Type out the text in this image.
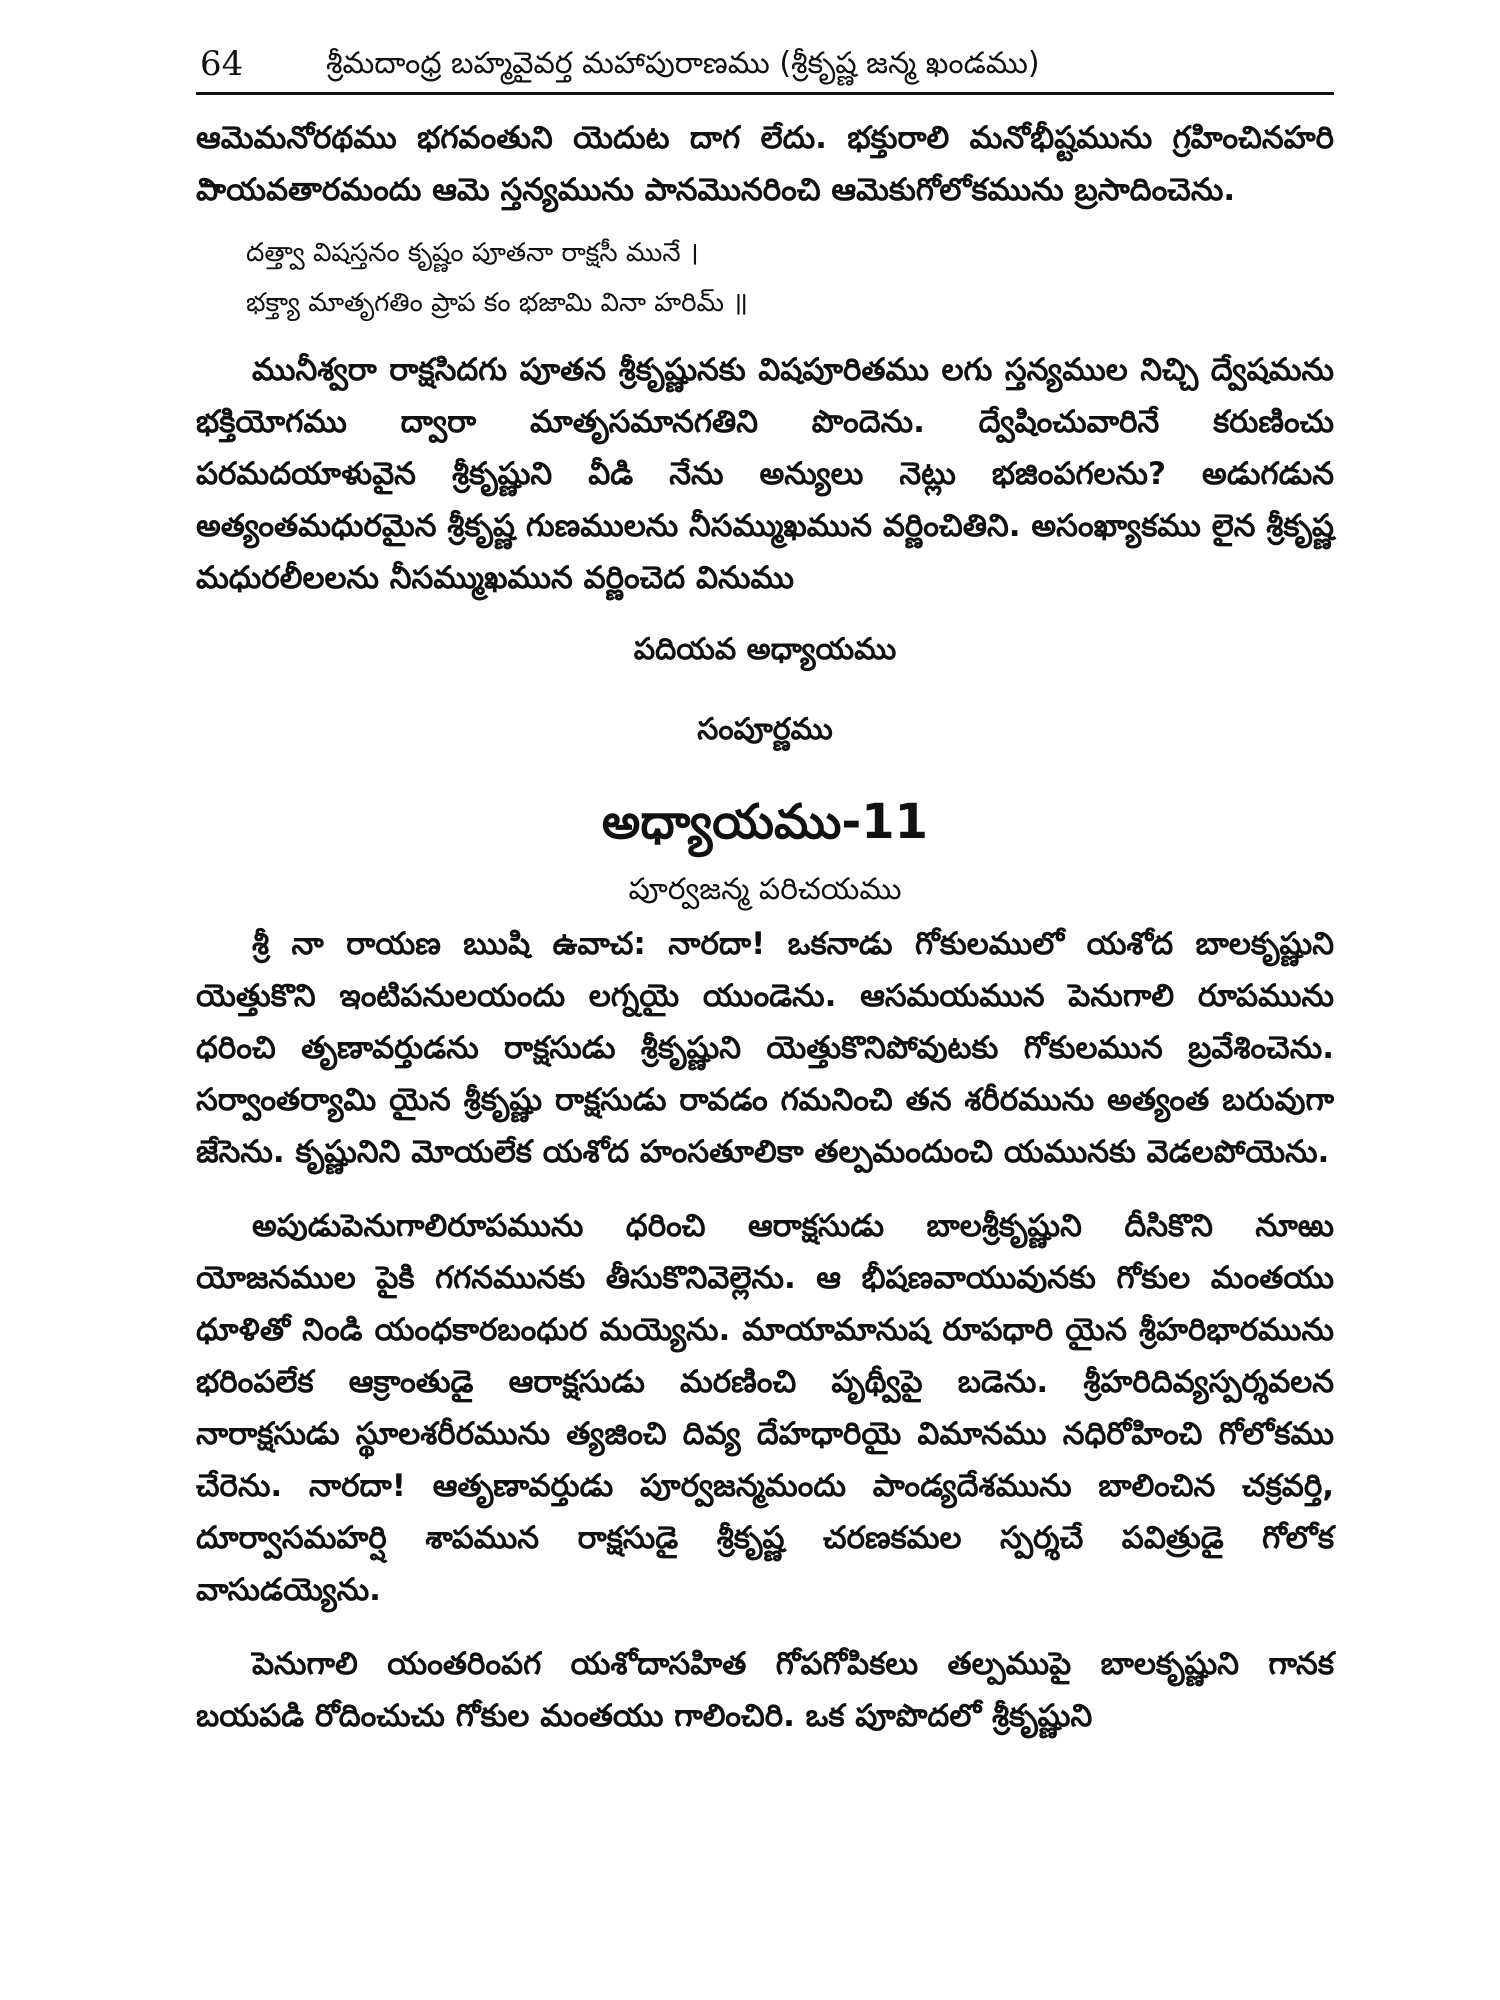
64	శ్రీమదాంధ్ర బహ్మవైవర్త మహాపురాణము (శ్రీకృష్ణ జన్మ ఖండము)

ఆమెమనోరథము భగవంతుని యెదుట దాగ లేదు. భక్తురాలి మనోభీష్టమును గ్రహించినహరి విాయవతారమందు ఆమె స్తన్యమును పానమొనరించి ఆమెకుగోలోకమును బ్రసాదించెను.

దత్త్వా విషస్తనం కృష్ణం పూతనా రాక్షసీ మునే ।
భక్త్యా మాతృగతిం ప్రాప కం భజామి వినా హరిమ్ ॥

మునీశ్వరా రాక్షసిదగు పూతన శ్రీకృష్ణునకు విషపూరితము లగు స్తన్యముల నిచ్చి ద్వేషమను భక్తియోగము ద్వారా మాతృసమానగతిని పొందెను. ద్వేషించువారినే కరుణించు పరమదయాళువైన శ్రీకృష్ణుని వీడి నేను అన్యులు నెట్లు భజింపగలను? అడుగడున అత్యంతమధురమైన శ్రీకృష్ణ గుణములను నీసమ్ముఖమున వర్ణించితిని. అసంఖ్యాకము లైన శ్రీకృష్ణ మధురలీలలను నీసమ్ముఖమున వర్ణించెద వినుము

పదియవ అధ్యాయము
సంపూర్ణము
అధ్యాయము-11
పూర్వజన్మ పరిచయము

శ్రీ నా రాయణ ఋషి ఉవాచ: నారదా! ఒకనాడు గోకులములో యశోద బాలకృష్ణుని యెత్తుకొని ఇంటిపనులయందు లగ్నయై యుండెను. ఆసమయమున పెనుగాలి రూపమును ధరించి తృణావర్తుడను రాక్షసుడు శ్రీకృష్ణుని యెత్తుకొనిపోవుటకు గోకులమున బ్రవేశించెను. సర్వాంతర్యామి యైన శ్రీకృష్ణు రాక్షసుడు రావడం గమనించి తన శరీరమును అత్యంత బరువుగా జేసెను. కృష్ణునిని మోయలేక యశోద హంసతూలికా తల్పమందుంచి యమునకు వెడలపోయెను.

అపుడుపెనుగాలిరూపమును ధరించి ఆరాక్షసుడు బాలశ్రీకృష్ణుని దీసికొని నూఱు యోజనముల పైకి గగనమునకు తీసుకొనివెల్లెను. ఆ భీషణవాయువునకు గోకుల మంతయు ధూళితో నిండి యంధకారబంధుర మయ్యెను. మాయామానుష రూపధారి యైన శ్రీహరిభారమును భరింపలేక ఆక్రాంతుడై ఆరాక్షసుడు మరణించి పృథ్వీపై బడెను. శ్రీహరిదివ్యస్పర్శవలన నారాక్షసుడు స్థూలశరీరమును త్యజించి దివ్య దేహధారియై విమానము నధిరోహించి గోలోకము చేరెను. నారదా! ఆతృణావర్తుడు పూర్వజన్మమందు పాండ్యదేశమును బాలించిన చక్రవర్తి, దూర్వాసమహర్షి శాపమున రాక్షసుడై శ్రీకృష్ణ చరణకమల స్పర్శచే పవిత్రుడై గోలోక వాసుడయ్యెను.

పెనుగాలి యంతరింపగ యశోదాసహిత గోపగోపికలు తల్పముపై బాలకృష్ణుని గానక బయపడి రోదించుచు గోకుల మంతయు గాలించిరి. ఒక పూపొదలో శ్రీకృష్ణుని
